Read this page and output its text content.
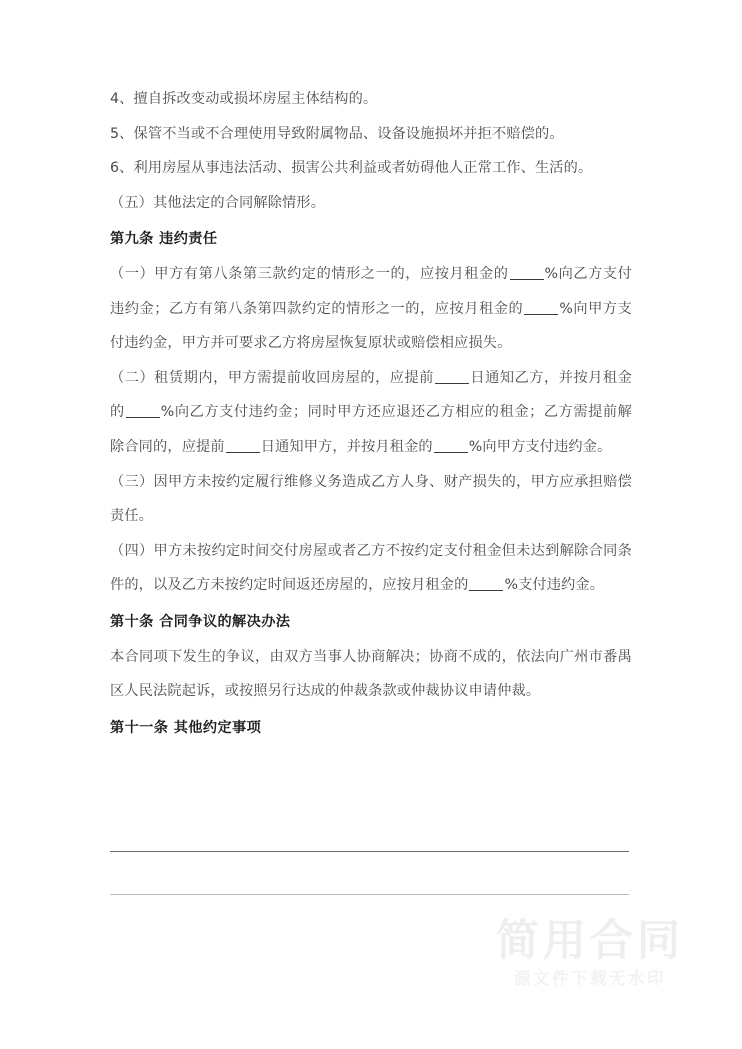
4、擅自拆改变动或损坏房屋主体结构的。

5、保管不当或不合理使用导致附属物品、设备设施损坏并拒不赔偿的。

6、利用房屋从事违法活动、损害公共利益或者妨碍他人正常工作、生活的。

（五）其他法定的合同解除情形。

第九条 违约责任

（一）甲方有第八条第三款约定的情形之一的，应按月租金的	%向乙方支付违约金；乙方有第八条第四款约定的情形之一的，应按月租金的	%向甲方支付违约金，甲方并可要求乙方将房屋恢复原状或赔偿相应损失。

（二）租赁期内，甲方需提前收回房屋的，应提前	日通知乙方，并按月租金的	%向乙方支付违约金；同时甲方还应退还乙方相应的租金；乙方需提前解除合同的，应提前	日通知甲方，并按月租金的	%向甲方支付违约金。

（三）因甲方未按约定履行维修义务造成乙方人身、财产损失的，甲方应承担赔偿责任。

（四）甲方未按约定时间交付房屋或者乙方不按约定支付租金但未达到解除合同条件的，以及乙方未按约定时间返还房屋的，应按月租金的	%支付违约金。

第十条 合同争议的解决办法

本合同项下发生的争议，由双方当事人协商解决；协商不成的，依法向广州市番禺区人民法院起诉，或按照另行达成的仲裁条款或仲裁协议申请仲裁。

第十一条 其他约定事项

简用合同
源文件下载无水印
